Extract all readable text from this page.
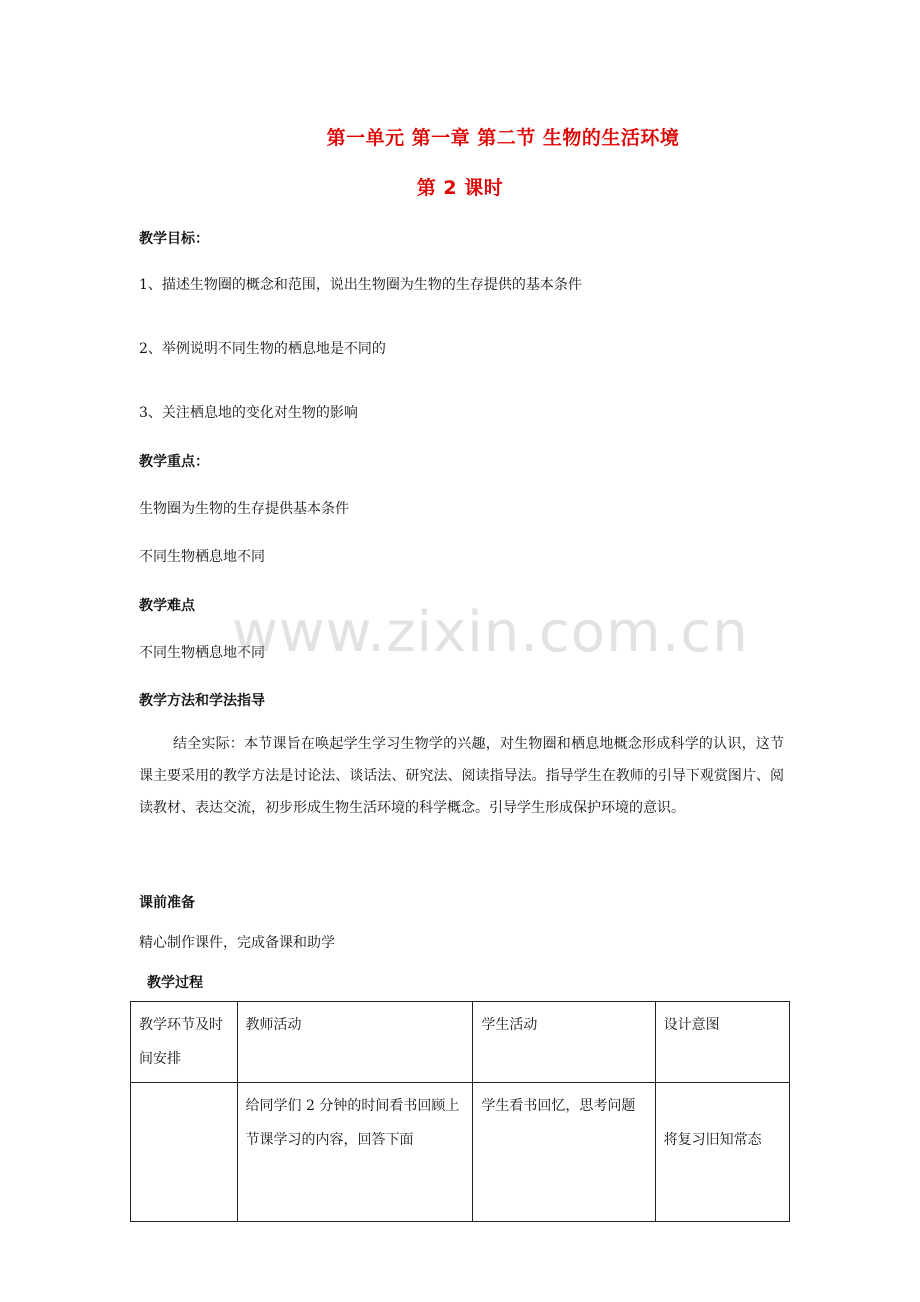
第一单元 第一章 第二节 生物的生活环境
第 2 课时
教学目标：
1、描述生物圈的概念和范围，说出生物圈为生物的生存提供的基本条件
2、举例说明不同生物的栖息地是不同的
3、关注栖息地的变化对生物的影响
教学重点：
生物圈为生物的生存提供基本条件
不同生物栖息地不同
教学难点
不同生物栖息地不同
教学方法和学法指导
结全实际：本节课旨在唤起学生学习生物学的兴趣，对生物圈和栖息地概念形成科学的认识，这节课主要采用的教学方法是讨论法、谈话法、研究法、阅读指导法。指导学生在教师的引导下观赏图片、阅读教材、表达交流，初步形成生物生活环境的科学概念。引导学生形成保护环境的意识。
课前准备
精心制作课件，完成备课和助学
教学过程
教学环节及时间安排	教师活动	学生活动	设计意图
	给同学们 2 分钟的时间看书回顾上节课学习的内容，回答下面	学生看书回忆，思考问题	将复习旧知常态
www.zixin.com.cn
